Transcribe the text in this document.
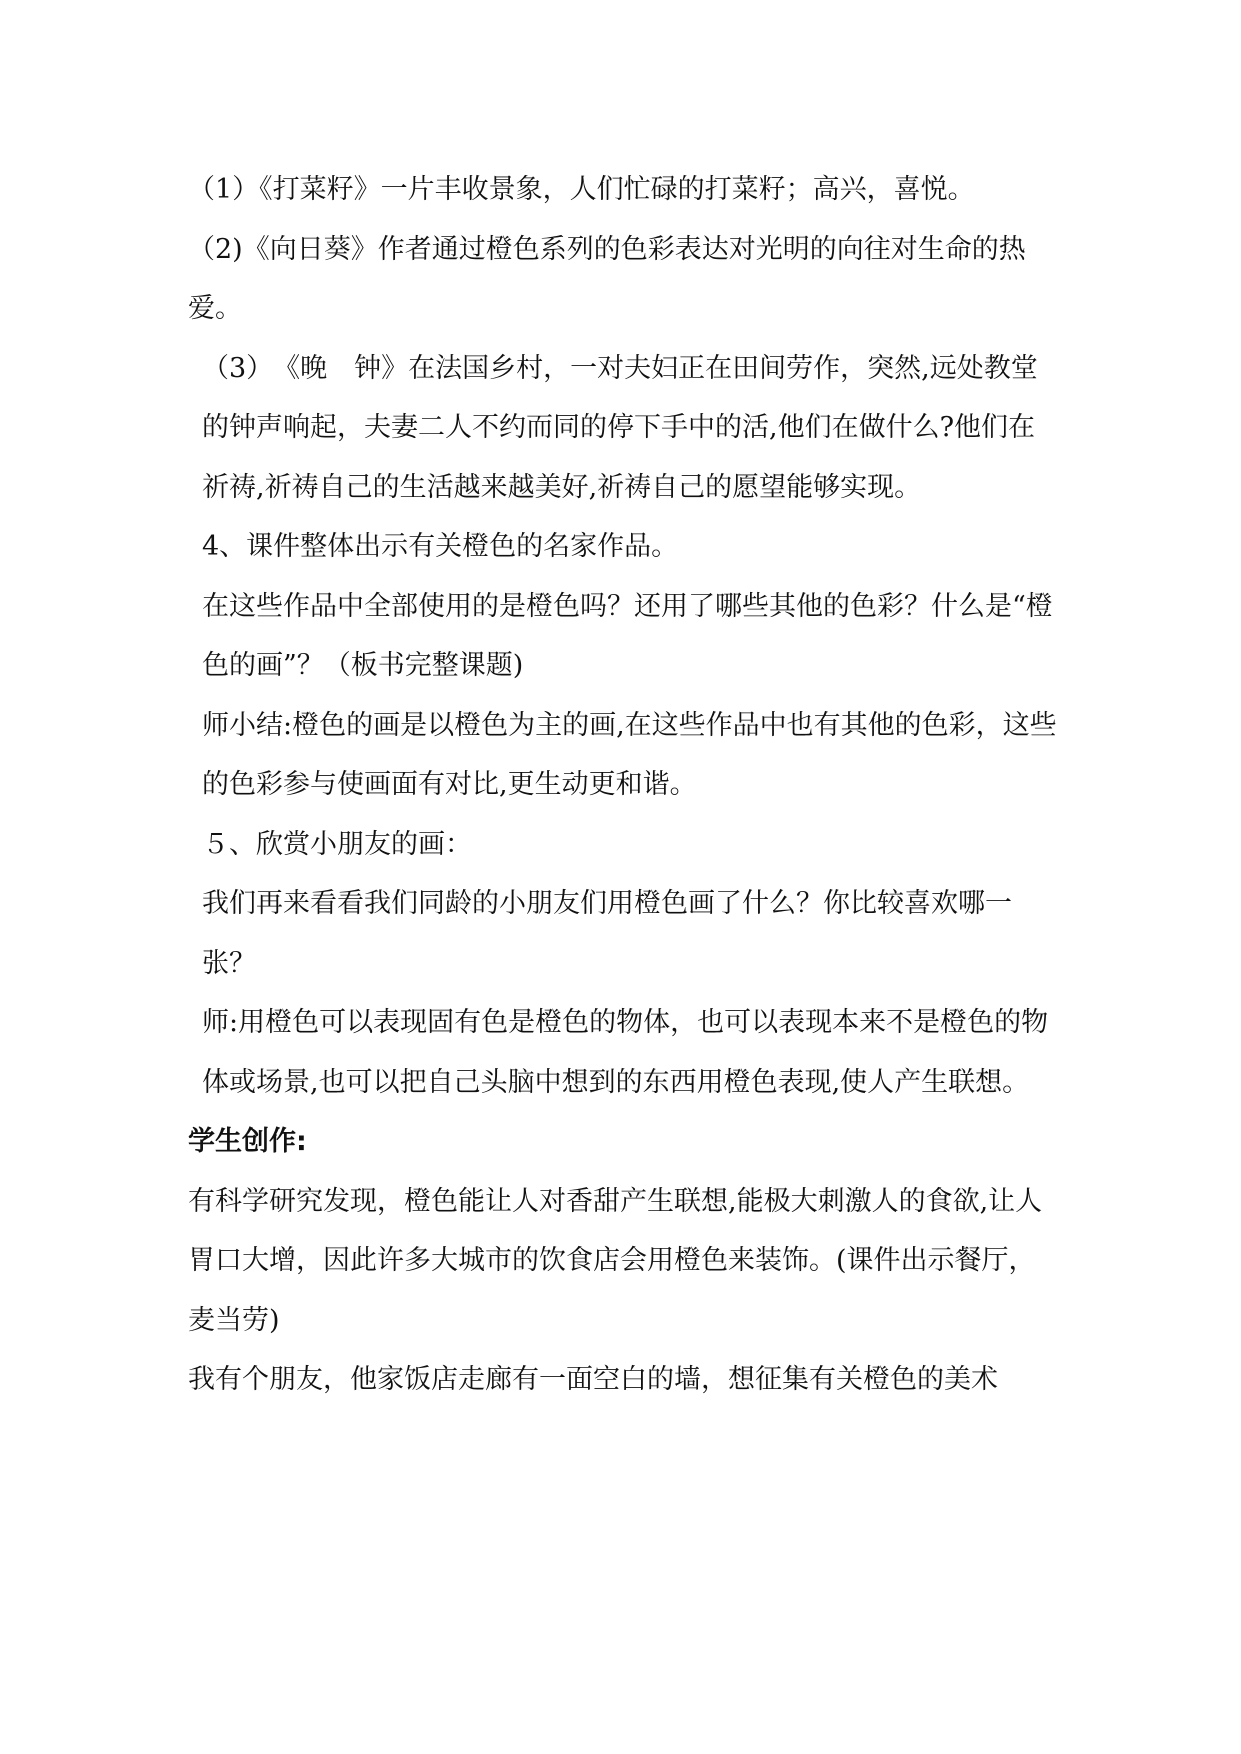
（1）《打菜籽》一片丰收景象，人们忙碌的打菜籽；高兴，喜悦。

（2)《向日葵》作者通过橙色系列的色彩表达对光明的向往对生命的热爱。

（3）　《晚　钟》在法国乡村，一对夫妇正在田间劳作，突然,远处教堂的钟声响起，夫妻二人不约而同的停下手中的活,他们在做什么?他们在祈祷,祈祷自己的生活越来越美好,祈祷自己的愿望能够实现。

4、课件整体出示有关橙色的名家作品。

在这些作品中全部使用的是橙色吗？还用了哪些其他的色彩？什么是“橙色的画”？（板书完整课题)

师小结:橙色的画是以橙色为主的画,在这些作品中也有其他的色彩，这些的色彩参与使画面有对比,更生动更和谐。

５、欣赏小朋友的画：

我们再来看看我们同龄的小朋友们用橙色画了什么？你比较喜欢哪一张？

师:用橙色可以表现固有色是橙色的物体，也可以表现本来不是橙色的物体或场景,也可以把自己头脑中想到的东西用橙色表现,使人产生联想。

学生创作:

有科学研究发现，橙色能让人对香甜产生联想,能极大刺激人的食欲,让人胃口大增，因此许多大城市的饮食店会用橙色来装饰。(课件出示餐厅，麦当劳)

我有个朋友，他家饭店走廊有一面空白的墙，想征集有关橙色的美术
